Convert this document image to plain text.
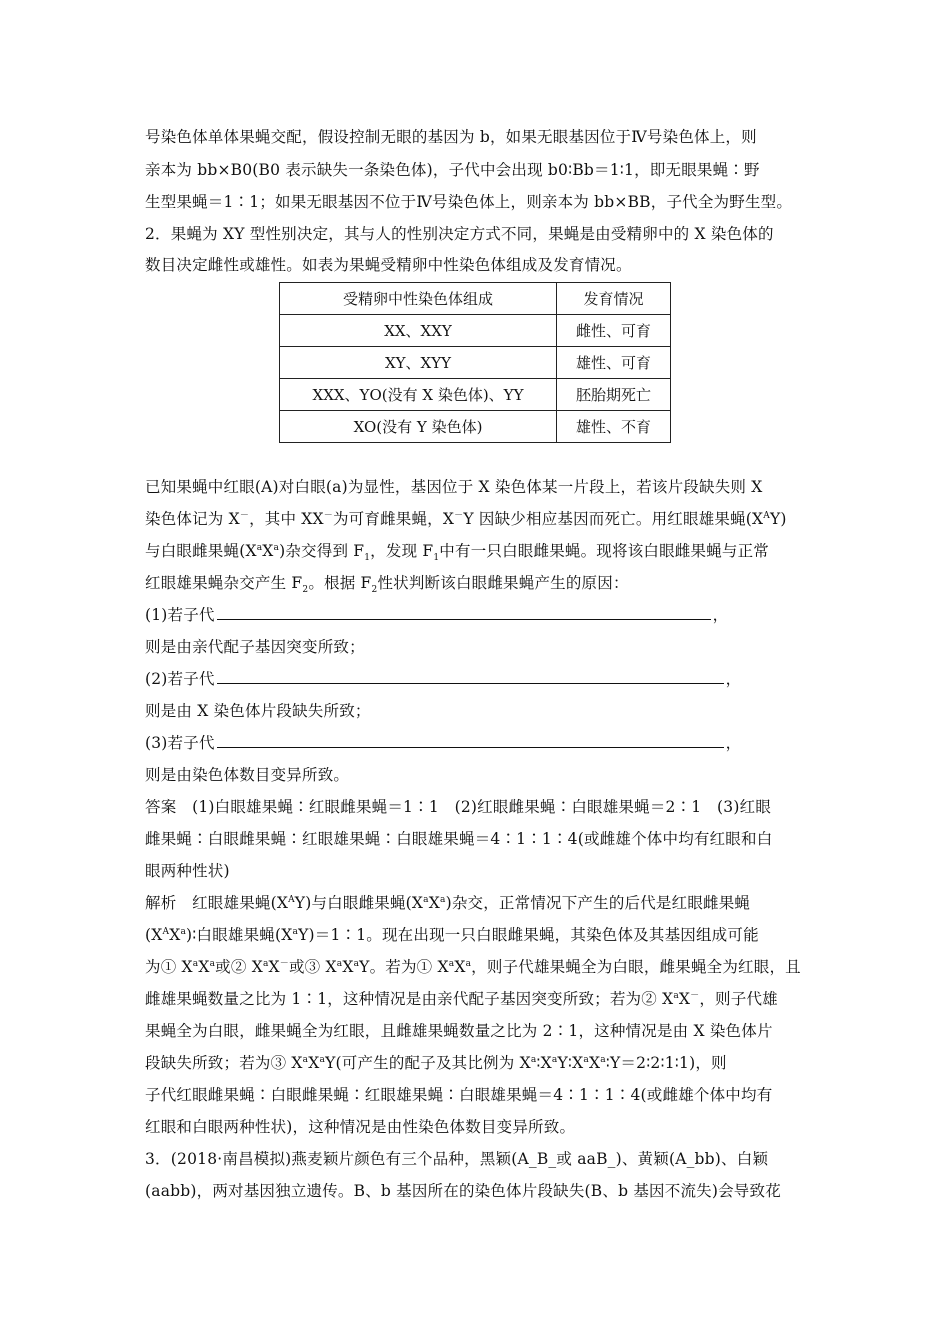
号染色体单体果蝇交配，假设控制无眼的基因为 b，如果无眼基因位于Ⅳ号染色体上，则
亲本为 bb×B0(B0 表示缺失一条染色体)，子代中会出现 b0∶Bb＝1∶1，即无眼果蝇∶野
生型果蝇＝1∶1；如果无眼基因不位于Ⅳ号染色体上，则亲本为 bb×BB，子代全为野生型。
2．果蝇为 XY 型性别决定，其与人的性别决定方式不同，果蝇是由受精卵中的 X 染色体的
数目决定雌性或雄性。如表为果蝇受精卵中性染色体组成及发育情况。
受精卵中性染色体组成	发育情况
XX、XXY	雌性、可育
XY、XYY	雄性、可育
XXX、YO(没有 X 染色体)、YY	胚胎期死亡
XO(没有 Y 染色体)	雄性、不育
已知果蝇中红眼(A)对白眼(a)为显性，基因位于 X 染色体某一片段上，若该片段缺失则 X
染色体记为 X－，其中 XX－为可育雌果蝇，X－Y 因缺少相应基因而死亡。用红眼雄果蝇$(X^AY)$
与白眼雌果蝇$(X^aX^a)$杂交得到 $F_1$，发现 $F_1$中有一只白眼雌果蝇。现将该白眼雌果蝇与正常
红眼雄果蝇杂交产生 $F_2$。根据 $F_2$性状判断该白眼雌果蝇产生的原因：
(1)若子代	，
则是由亲代配子基因突变所致；
(2)若子代	，
则是由 X 染色体片段缺失所致；
(3)若子代	，
则是由染色体数目变异所致。
答案　(1)白眼雄果蝇∶红眼雌果蝇＝1∶1　(2)红眼雌果蝇∶白眼雄果蝇＝2∶1　(3)红眼
雌果蝇∶白眼雌果蝇∶红眼雄果蝇∶白眼雄果蝇＝4∶1∶1∶4(或雌雄个体中均有红眼和白
眼两种性状)
解析　红眼雄果蝇$(X^AY)$与白眼雌果蝇$(X^aX^a)$杂交，正常情况下产生的后代是红眼雌果蝇
$(X^AX^a)∶$白眼雄果蝇$(X^aY)=1∶1$。现在出现一只白眼雌果蝇，其染色体及其基因组成可能
为① $X^aX^a$或② $X^aX^-$或③ $X^aX^aY$。若为① $X^aX^a$，则子代雄果蝇全为白眼，雌果蝇全为红眼，且
雌雄果蝇数量之比为 1∶1，这种情况是由亲代配子基因突变所致；若为② $X^aX^-$，则子代雄
果蝇全为白眼，雌果蝇全为红眼，且雌雄果蝇数量之比为 2∶1，这种情况是由 X 染色体片
段缺失所致；若为③ $X^aX^aY$(可产生的配子及其比例为 $X^a∶X^aY∶X^aX^a∶Y=2∶2∶1∶1$)，则
子代红眼雌果蝇∶白眼雌果蝇∶红眼雄果蝇∶白眼雄果蝇＝4∶1∶1∶4(或雌雄个体中均有
红眼和白眼两种性状)，这种情况是由性染色体数目变异所致。
3．(2018·南昌模拟)燕麦颖片颜色有三个品种，黑颖(A_B_或 aaB_)、黄颖(A_bb)、白颖
(aabb)，两对基因独立遗传。B、b 基因所在的染色体片段缺失(B、b 基因不流失)会导致花
